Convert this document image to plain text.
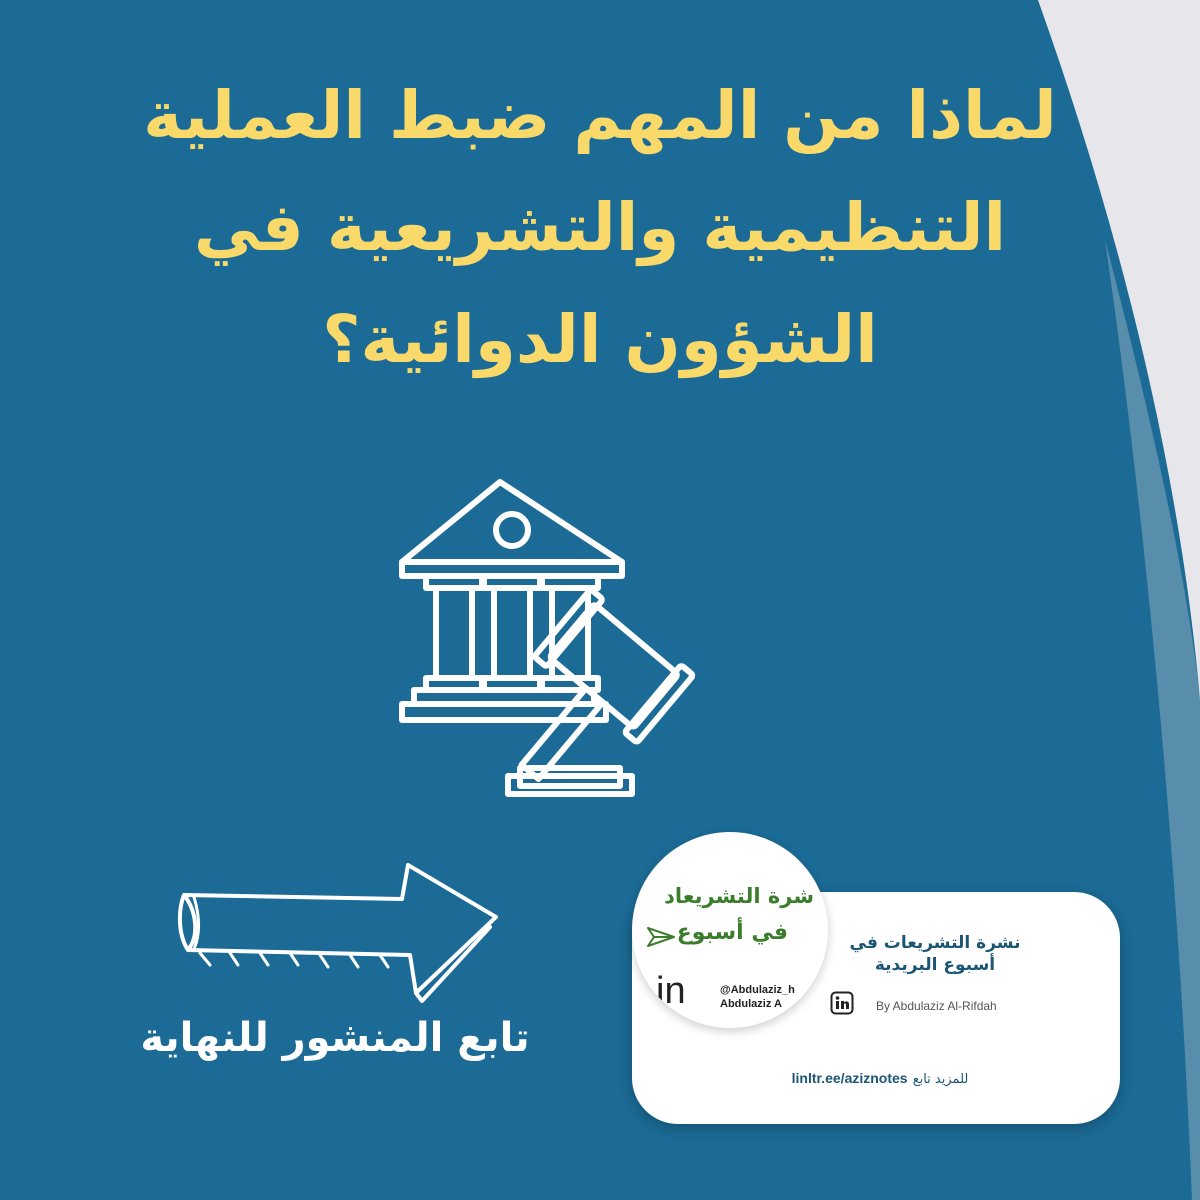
لماذا من المهم ضبط العملية
التنظيمية والتشريعية في
الشؤون الدوائية؟
تابع المنشور للنهاية
شرة التشريعاد
في أسبوع
in	@Abdulaziz_h
Abdulaziz A
نشرة التشريعات في أسبوع البريدية
By Abdulaziz Al-Rifdah
linltr.ee/aziznotes للمزيد تابع
